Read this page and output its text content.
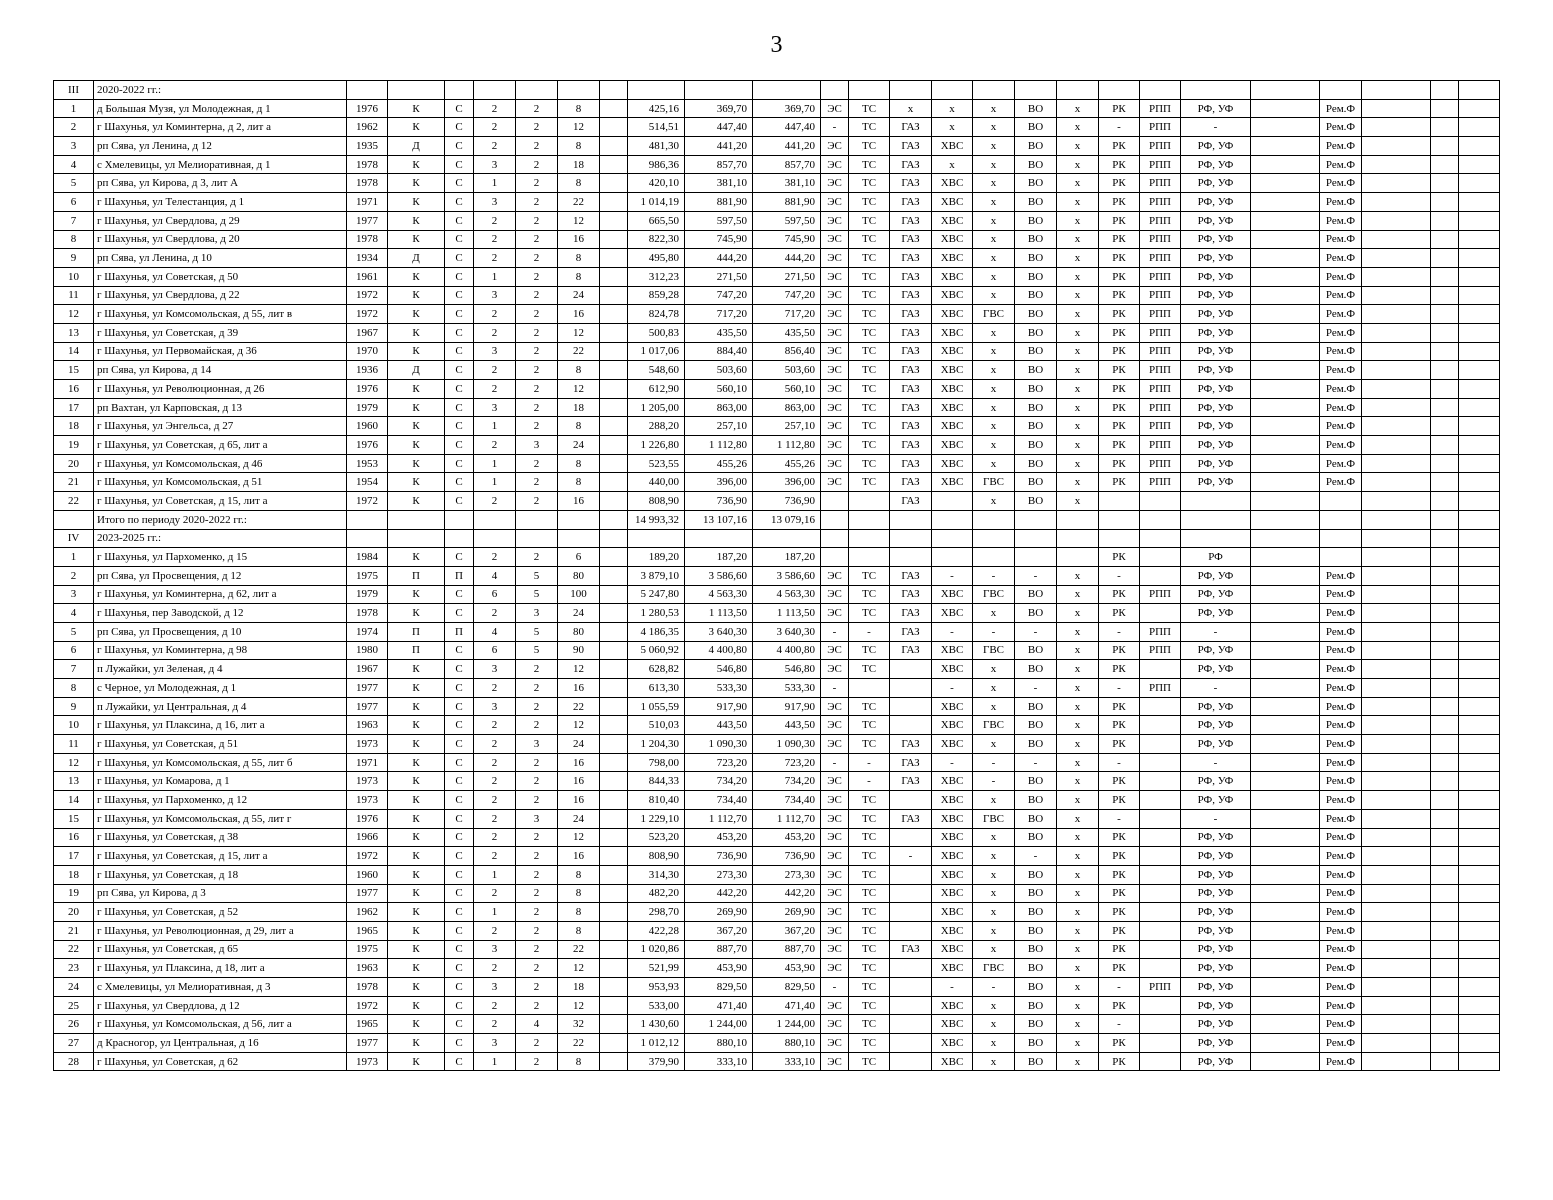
3
III	2020-2022 гг.:																									
1	д Большая Музя, ул Молодежная, д 1	1976	К	С	2	2	8		425,16	369,70	369,70	ЭС	ТС	х	х	х	ВО	х	РК	РПП	РФ, УФ		Рем.Ф			
2	г Шахунья, ул Коминтерна, д 2, лит а	1962	К	С	2	2	12		514,51	447,40	447,40	-	ТС	ГАЗ	х	х	ВО	х	-	РПП	-		Рем.Ф			
3	рп Сява, ул Ленина, д 12	1935	Д	С	2	2	8		481,30	441,20	441,20	ЭС	ТС	ГАЗ	ХВС	х	ВО	х	РК	РПП	РФ, УФ		Рем.Ф			
4	с Хмелевицы, ул Мелиоративная, д 1	1978	К	С	3	2	18		986,36	857,70	857,70	ЭС	ТС	ГАЗ	х	х	ВО	х	РК	РПП	РФ, УФ		Рем.Ф			
5	рп Сява, ул Кирова, д 3, лит А	1978	К	С	1	2	8		420,10	381,10	381,10	ЭС	ТС	ГАЗ	ХВС	х	ВО	х	РК	РПП	РФ, УФ		Рем.Ф			
6	г Шахунья, ул Телестанция, д 1	1971	К	С	3	2	22		1 014,19	881,90	881,90	ЭС	ТС	ГАЗ	ХВС	х	ВО	х	РК	РПП	РФ, УФ		Рем.Ф			
7	г Шахунья, ул Свердлова, д 29	1977	К	С	2	2	12		665,50	597,50	597,50	ЭС	ТС	ГАЗ	ХВС	х	ВО	х	РК	РПП	РФ, УФ		Рем.Ф			
8	г Шахунья, ул Свердлова, д 20	1978	К	С	2	2	16		822,30	745,90	745,90	ЭС	ТС	ГАЗ	ХВС	х	ВО	х	РК	РПП	РФ, УФ		Рем.Ф			
9	рп Сява, ул Ленина, д 10	1934	Д	С	2	2	8		495,80	444,20	444,20	ЭС	ТС	ГАЗ	ХВС	х	ВО	х	РК	РПП	РФ, УФ		Рем.Ф			
10	г Шахунья, ул Советская, д 50	1961	К	С	1	2	8		312,23	271,50	271,50	ЭС	ТС	ГАЗ	ХВС	х	ВО	х	РК	РПП	РФ, УФ		Рем.Ф			
11	г Шахунья, ул Свердлова, д 22	1972	К	С	3	2	24		859,28	747,20	747,20	ЭС	ТС	ГАЗ	ХВС	х	ВО	х	РК	РПП	РФ, УФ		Рем.Ф			
12	г Шахунья, ул Комсомольская, д 55, лит в	1972	К	С	2	2	16		824,78	717,20	717,20	ЭС	ТС	ГАЗ	ХВС	ГВС	ВО	х	РК	РПП	РФ, УФ		Рем.Ф			
13	г Шахунья, ул Советская, д 39	1967	К	С	2	2	12		500,83	435,50	435,50	ЭС	ТС	ГАЗ	ХВС	х	ВО	х	РК	РПП	РФ, УФ		Рем.Ф			
14	г Шахунья, ул Первомайская, д 36	1970	К	С	3	2	22		1 017,06	884,40	856,40	ЭС	ТС	ГАЗ	ХВС	х	ВО	х	РК	РПП	РФ, УФ		Рем.Ф			
15	рп Сява, ул Кирова, д 14	1936	Д	С	2	2	8		548,60	503,60	503,60	ЭС	ТС	ГАЗ	ХВС	х	ВО	х	РК	РПП	РФ, УФ		Рем.Ф			
16	г Шахунья, ул Революционная, д 26	1976	К	С	2	2	12		612,90	560,10	560,10	ЭС	ТС	ГАЗ	ХВС	х	ВО	х	РК	РПП	РФ, УФ		Рем.Ф			
17	рп Вахтан, ул Карповская, д 13	1979	К	С	3	2	18		1 205,00	863,00	863,00	ЭС	ТС	ГАЗ	ХВС	х	ВО	х	РК	РПП	РФ, УФ		Рем.Ф			
18	г Шахунья, ул Энгельса, д 27	1960	К	С	1	2	8		288,20	257,10	257,10	ЭС	ТС	ГАЗ	ХВС	х	ВО	х	РК	РПП	РФ, УФ		Рем.Ф			
19	г Шахунья, ул Советская, д 65, лит а	1976	К	С	2	3	24		1 226,80	1 112,80	1 112,80	ЭС	ТС	ГАЗ	ХВС	х	ВО	х	РК	РПП	РФ, УФ		Рем.Ф			
20	г Шахунья, ул Комсомольская, д 46	1953	К	С	1	2	8		523,55	455,26	455,26	ЭС	ТС	ГАЗ	ХВС	х	ВО	х	РК	РПП	РФ, УФ		Рем.Ф			
21	г Шахунья, ул Комсомольская, д 51	1954	К	С	1	2	8		440,00	396,00	396,00	ЭС	ТС	ГАЗ	ХВС	ГВС	ВО	х	РК	РПП	РФ, УФ		Рем.Ф			
22	г Шахунья, ул Советская, д 15, лит а	1972	К	С	2	2	16		808,90	736,90	736,90			ГАЗ		х	ВО	х								
	Итого по периоду 2020-2022 гг.:								14 993,32	13 107,16	13 079,16															
IV	2023-2025 гг.:																									
1	г Шахунья, ул Пархоменко, д 15	1984	К	С	2	2	6		189,20	187,20	187,20								РК		РФ					
2	рп Сява, ул Просвещения, д 12	1975	П	П	4	5	80		3 879,10	3 586,60	3 586,60	ЭС	ТС	ГАЗ	-	-	-	х	-		РФ, УФ		Рем.Ф			
3	г Шахунья, ул Коминтерна, д 62, лит а	1979	К	С	6	5	100		5 247,80	4 563,30	4 563,30	ЭС	ТС	ГАЗ	ХВС	ГВС	ВО	х	РК	РПП	РФ, УФ		Рем.Ф			
4	г Шахунья, пер Заводской, д 12	1978	К	С	2	3	24		1 280,53	1 113,50	1 113,50	ЭС	ТС	ГАЗ	ХВС	х	ВО	х	РК		РФ, УФ		Рем.Ф			
5	рп Сява, ул Просвещения, д 10	1974	П	П	4	5	80		4 186,35	3 640,30	3 640,30	-	-	ГАЗ	-	-	-	х	-	РПП	-		Рем.Ф			
6	г Шахунья, ул Коминтерна, д 98	1980	П	С	6	5	90		5 060,92	4 400,80	4 400,80	ЭС	ТС	ГАЗ	ХВС	ГВС	ВО	х	РК	РПП	РФ, УФ		Рем.Ф			
7	п Лужайки, ул Зеленая, д 4	1967	К	С	3	2	12		628,82	546,80	546,80	ЭС	ТС		ХВС	х	ВО	х	РК		РФ, УФ		Рем.Ф			
8	с Черное, ул Молодежная, д 1	1977	К	С	2	2	16		613,30	533,30	533,30	-			-	х	-	х	-	РПП	-		Рем.Ф			
9	п Лужайки, ул Центральная, д 4	1977	К	С	3	2	22		1 055,59	917,90	917,90	ЭС	ТС		ХВС	х	ВО	х	РК		РФ, УФ		Рем.Ф			
10	г Шахунья, ул Плаксина, д 16, лит а	1963	К	С	2	2	12		510,03	443,50	443,50	ЭС	ТС		ХВС	ГВС	ВО	х	РК		РФ, УФ		Рем.Ф			
11	г Шахунья, ул Советская, д 51	1973	К	С	2	3	24		1 204,30	1 090,30	1 090,30	ЭС	ТС	ГАЗ	ХВС	х	ВО	х	РК		РФ, УФ		Рем.Ф			
12	г Шахунья, ул Комсомольская, д 55, лит б	1971	К	С	2	2	16		798,00	723,20	723,20	-	-	ГАЗ	-	-	-	х	-		-		Рем.Ф			
13	г Шахунья, ул Комарова, д 1	1973	К	С	2	2	16		844,33	734,20	734,20	ЭС	-	ГАЗ	ХВС	-	ВО	х	РК		РФ, УФ		Рем.Ф			
14	г Шахунья, ул Пархоменко, д 12	1973	К	С	2	2	16		810,40	734,40	734,40	ЭС	ТС		ХВС	х	ВО	х	РК		РФ, УФ		Рем.Ф			
15	г Шахунья, ул Комсомольская, д 55, лит г	1976	К	С	2	3	24		1 229,10	1 112,70	1 112,70	ЭС	ТС	ГАЗ	ХВС	ГВС	ВО	х	-		-		Рем.Ф			
16	г Шахунья, ул Советская, д 38	1966	К	С	2	2	12		523,20	453,20	453,20	ЭС	ТС		ХВС	х	ВО	х	РК		РФ, УФ		Рем.Ф			
17	г Шахунья, ул Советская, д 15, лит а	1972	К	С	2	2	16		808,90	736,90	736,90	ЭС	ТС	-	ХВС	х	-	х	РК		РФ, УФ		Рем.Ф			
18	г Шахунья, ул Советская, д 18	1960	К	С	1	2	8		314,30	273,30	273,30	ЭС	ТС		ХВС	х	ВО	х	РК		РФ, УФ		Рем.Ф			
19	рп Сява, ул Кирова, д 3	1977	К	С	2	2	8		482,20	442,20	442,20	ЭС	ТС		ХВС	х	ВО	х	РК		РФ, УФ		Рем.Ф			
20	г Шахунья, ул Советская, д 52	1962	К	С	1	2	8		298,70	269,90	269,90	ЭС	ТС		ХВС	х	ВО	х	РК		РФ, УФ		Рем.Ф			
21	г Шахунья, ул Революционная, д 29, лит а	1965	К	С	2	2	8		422,28	367,20	367,20	ЭС	ТС		ХВС	х	ВО	х	РК		РФ, УФ		Рем.Ф			
22	г Шахунья, ул Советская, д 65	1975	К	С	3	2	22		1 020,86	887,70	887,70	ЭС	ТС	ГАЗ	ХВС	х	ВО	х	РК		РФ, УФ		Рем.Ф			
23	г Шахунья, ул Плаксина, д 18, лит а	1963	К	С	2	2	12		521,99	453,90	453,90	ЭС	ТС		ХВС	ГВС	ВО	х	РК		РФ, УФ		Рем.Ф			
24	с Хмелевицы, ул Мелиоративная, д 3	1978	К	С	3	2	18		953,93	829,50	829,50	-	ТС		-	-	ВО	х	-	РПП	РФ, УФ		Рем.Ф			
25	г Шахунья, ул Свердлова, д 12	1972	К	С	2	2	12		533,00	471,40	471,40	ЭС	ТС		ХВС	х	ВО	х	РК		РФ, УФ		Рем.Ф			
26	г Шахунья, ул Комсомольская, д 56, лит а	1965	К	С	2	4	32		1 430,60	1 244,00	1 244,00	ЭС	ТС		ХВС	х	ВО	х	-		РФ, УФ		Рем.Ф			
27	д Красногор, ул Центральная, д 16	1977	К	С	3	2	22		1 012,12	880,10	880,10	ЭС	ТС		ХВС	х	ВО	х	РК		РФ, УФ		Рем.Ф			
28	г Шахунья, ул Советская, д 62	1973	К	С	1	2	8		379,90	333,10	333,10	ЭС	ТС		ХВС	х	ВО	х	РК		РФ, УФ		Рем.Ф			
